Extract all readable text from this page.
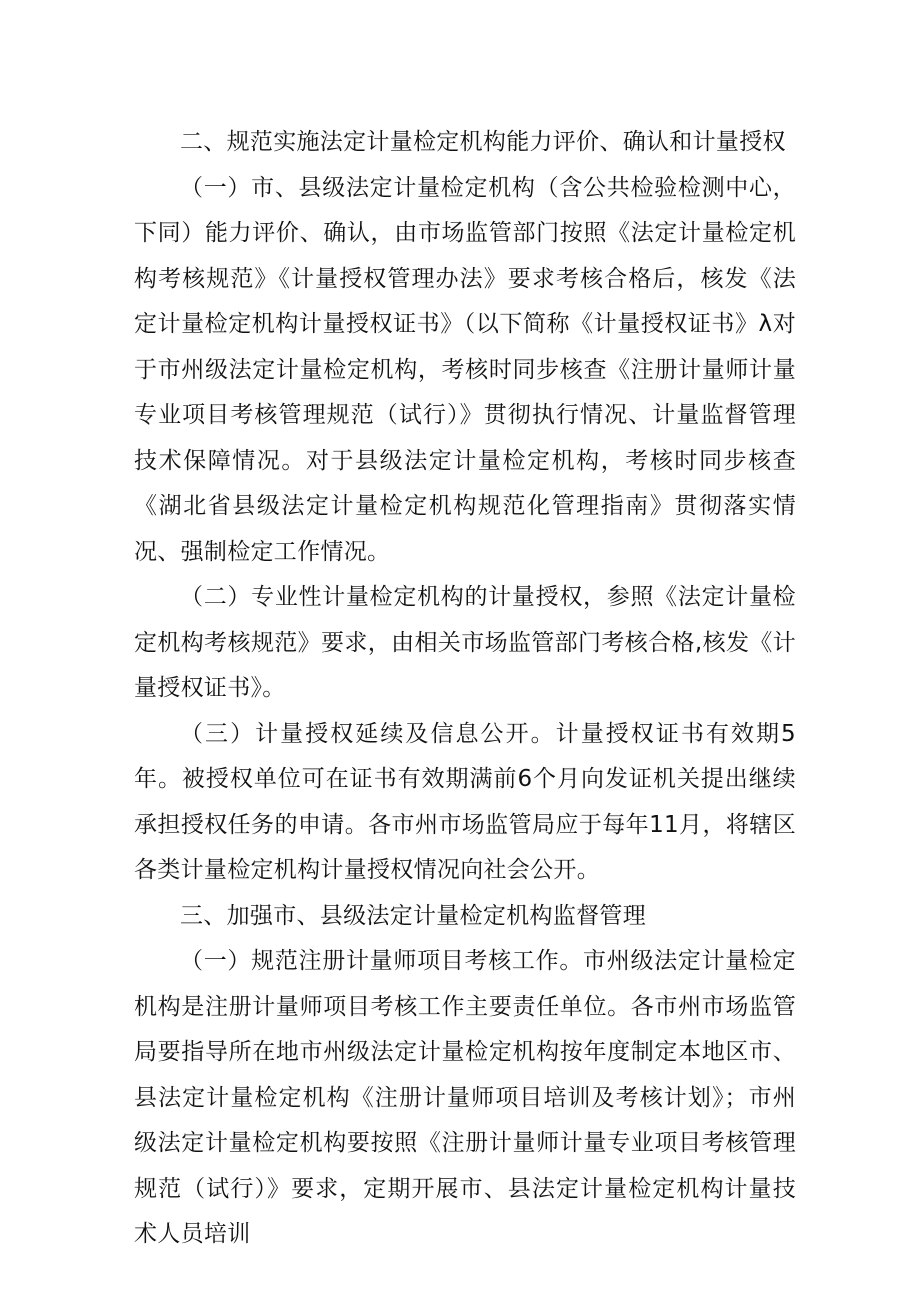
二、规范实施法定计量检定机构能力评价、确认和计量授权

（一）市、县级法定计量检定机构（含公共检验检测中心，下同）能力评价、确认，由市场监管部门按照《法定计量检定机构考核规范》《计量授权管理办法》要求考核合格后，核发《法定计量检定机构计量授权证书》（以下简称《计量授权证书》λ对于市州级法定计量检定机构，考核时同步核查《注册计量师计量专业项目考核管理规范（试行）》贯彻执行情况、计量监督管理技术保障情况。对于县级法定计量检定机构，考核时同步核查《湖北省县级法定计量检定机构规范化管理指南》贯彻落实情况、强制检定工作情况。

（二）专业性计量检定机构的计量授权，参照《法定计量检定机构考核规范》要求，由相关市场监管部门考核合格,核发《计量授权证书》。

（三）计量授权延续及信息公开。计量授权证书有效期5年。被授权单位可在证书有效期满前6个月向发证机关提出继续承担授权任务的申请。各市州市场监管局应于每年11月，将辖区各类计量检定机构计量授权情况向社会公开。

三、加强市、县级法定计量检定机构监督管理

（一）规范注册计量师项目考核工作。市州级法定计量检定机构是注册计量师项目考核工作主要责任单位。各市州市场监管局要指导所在地市州级法定计量检定机构按年度制定本地区市、县法定计量检定机构《注册计量师项目培训及考核计划》；市州级法定计量检定机构要按照《注册计量师计量专业项目考核管理规范（试行）》要求，定期开展市、县法定计量检定机构计量技术人员培训
